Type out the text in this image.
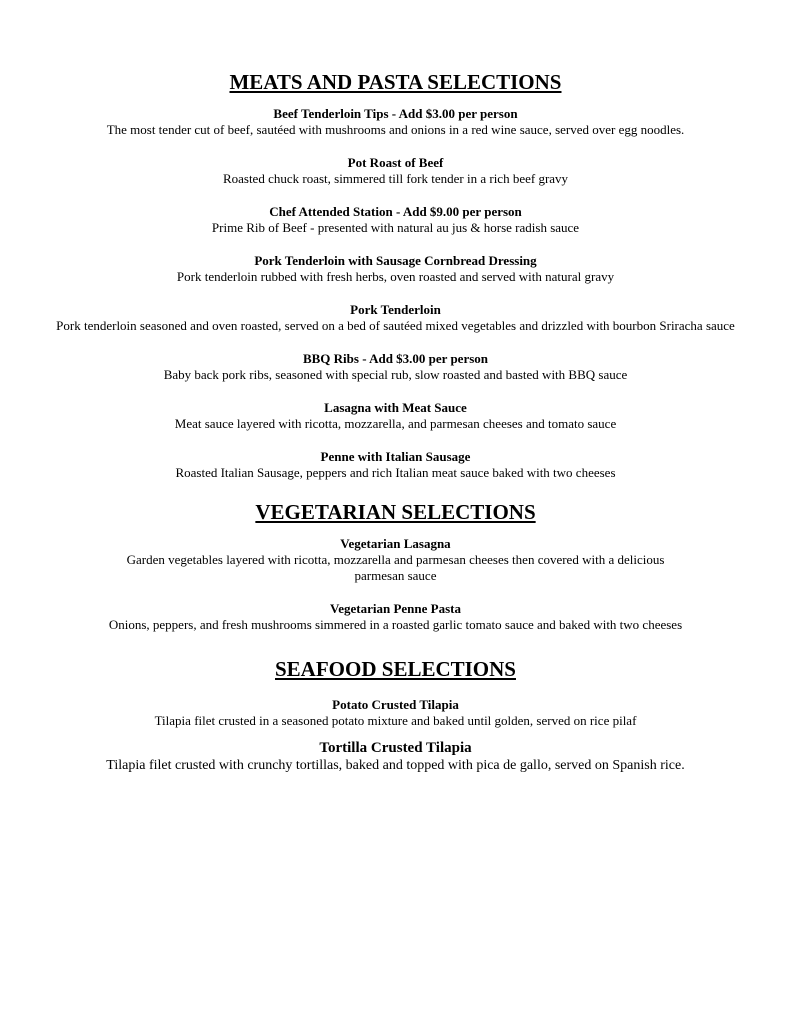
MEATS AND PASTA SELECTIONS

Beef Tenderloin Tips - Add $3.00 per person

The most tender cut of beef, sautéed with mushrooms and onions in a red wine sauce, served over egg noodles.

Pot Roast of Beef

Roasted chuck roast, simmered till fork tender in a rich beef gravy

Chef Attended Station - Add $9.00 per person

Prime Rib of Beef - presented with natural au jus & horse radish sauce

Pork Tenderloin with Sausage Cornbread Dressing

Pork tenderloin rubbed with fresh herbs, oven roasted and served with natural gravy

Pork Tenderloin

Pork tenderloin seasoned and oven roasted, served on a bed of sautéed mixed vegetables and drizzled with bourbon Sriracha sauce

BBQ Ribs - Add $3.00 per person

Baby back pork ribs, seasoned with special rub, slow roasted and basted with BBQ sauce

Lasagna with Meat Sauce

Meat sauce layered with ricotta, mozzarella, and parmesan cheeses and tomato sauce

Penne with Italian Sausage

Roasted Italian Sausage, peppers and rich Italian meat sauce baked with two cheeses

VEGETARIAN SELECTIONS

Vegetarian Lasagna

Garden vegetables layered with ricotta, mozzarella and parmesan cheeses then covered with a delicious parmesan sauce

Vegetarian Penne Pasta

Onions, peppers, and fresh mushrooms simmered in a roasted garlic tomato sauce and baked with two cheeses

SEAFOOD SELECTIONS

Potato Crusted Tilapia

Tilapia filet crusted in a seasoned potato mixture and baked until golden, served on rice pilaf

Tortilla Crusted Tilapia

Tilapia filet crusted with crunchy tortillas, baked and topped with pica de gallo, served on Spanish rice.
